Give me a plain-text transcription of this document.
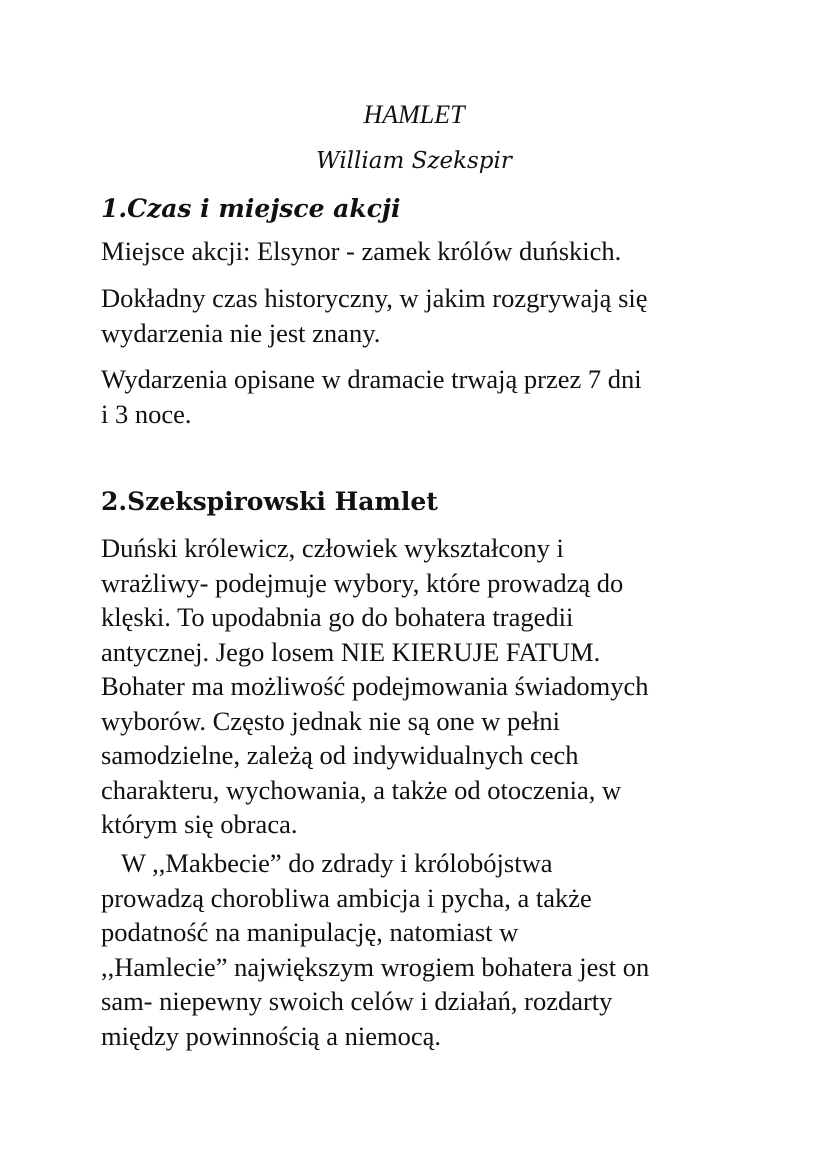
HAMLET
William Szekspir
1.Czas i miejsce akcji

Miejsce akcji: Elsynor - zamek królów duńskich.

Dokładny czas historyczny, w jakim rozgrywają się
wydarzenia nie jest znany.

Wydarzenia opisane w dramacie trwają przez 7 dni
i 3 noce.

2.Szekspirowski Hamlet

Duński królewicz, człowiek wykształcony i
wrażliwy- podejmuje wybory, które prowadzą do
klęski. To upodabnia go do bohatera tragedii
antycznej. Jego losem NIE KIERUJE FATUM.
Bohater ma możliwość podejmowania świadomych
wyborów. Często jednak nie są one w pełni
samodzielne, zależą od indywidualnych cech
charakteru, wychowania, a także od otoczenia, w
którym się obraca.

W ,,Makbecie” do zdrady i królobójstwa
prowadzą chorobliwa ambicja i pycha, a także
podatność na manipulację, natomiast w
,,Hamlecie” największym wrogiem bohatera jest on
sam- niepewny swoich celów i działań, rozdarty
między powinnością a niemocą.
